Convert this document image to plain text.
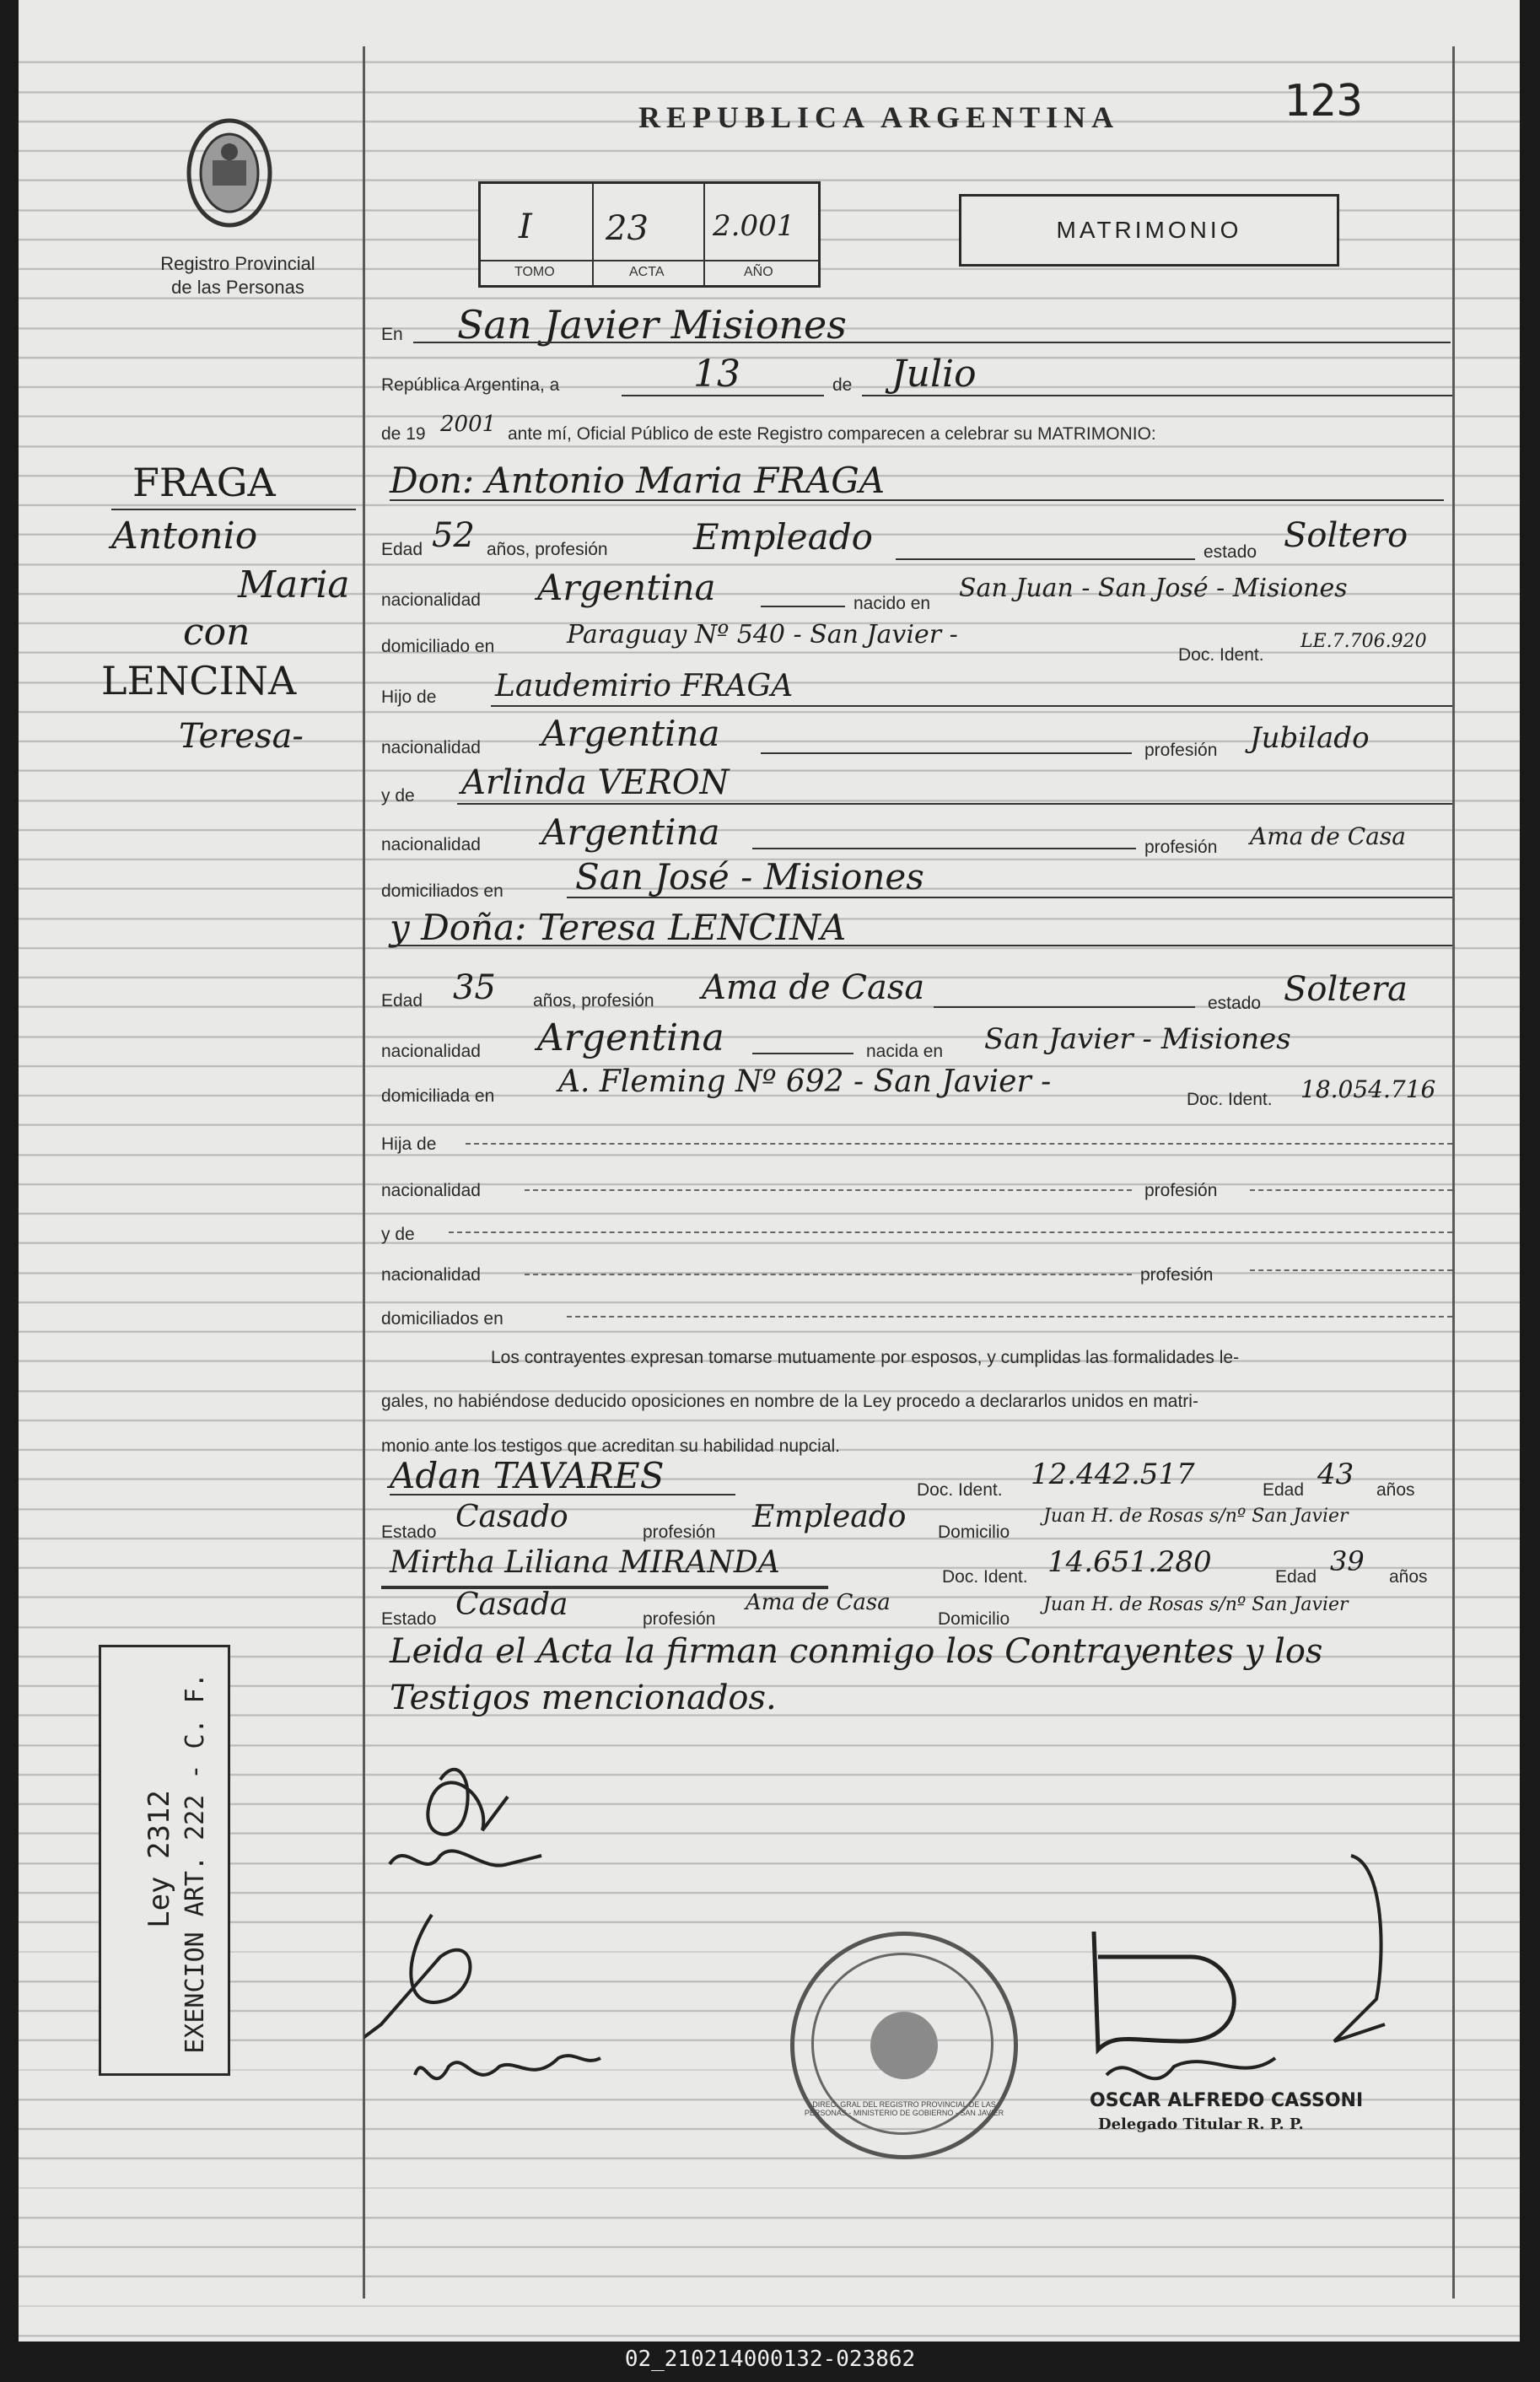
Registro Provincial
de las Personas
REPUBLICA ARGENTINA	123
I 23 2.001
TOMO	ACTA	AÑO
MATRIMONIO
FRAGA
Antonio
Maria
con
LENCINA
Teresa-
En San Javier Misiones
República Argentina, a	13	de Julio
de 19 2001 ante mí, Oficial Público de este Registro comparecen a celebrar su MATRIMONIO:
Don: Antonio Maria FRAGA
Edad 52 años, profesión Empleado	estado Soltero
nacionalidad Argentina	nacido en
San Juan - San José - Misiones
domiciliado en	Paraguay Nº 540 - San Javier -
Doc. Ident.
LE.7.706.920
Hijo de Laudemirio FRAGA
nacionalidad Argentina	profesión Jubilado
y de Arlinda VERON
nacionalidad Argentina	profesión Ama de Casa
domiciliados en San José - Misiones
y Doña: Teresa LENCINA
Edad 35 años, profesión Ama de Casa	estado Soltera
nacionalidad Argentina	nacida en San Javier - Misiones
domiciliada en A. Fleming Nº 692 - San Javier -
Doc. Ident. 18.054.716
Hija de
nacionalidad	profesión
y de
nacionalidad	profesión
domiciliados en
Los contrayentes expresan tomarse mutuamente por esposos, y cumplidas las formalidades le-
gales, no habiéndose deducido oposiciones en nombre de la Ley procedo a declararlos unidos en matri-
monio ante los testigos que acreditan su habilidad nupcial.
Adan TAVARES	Doc. Ident. 12.442.517	Edad 43 años
Estado Casado	profesión Empleado Domicilio
Juan H. de Rosas s/nº San Javier
Mirtha Liliana MIRANDA	Doc. Ident. 14.651.280	Edad 39 años
Estado Casada	profesión
Ama de Casa
Domicilio
Juan H. de Rosas s/nº San Javier
Leida el Acta la firman conmigo los Contrayentes y los
Testigos mencionados.
Ley 2312 EXENCION ART. 222 - C. F.
DIREC. GRAL DEL REGISTRO PROVINCIAL DE LAS PERSONAS - MINISTERIO DE GOBIERNO - SAN JAVIER
OSCAR ALFREDO CASSONI
Delegado Titular R. P. P.
02_210214000132-023862
